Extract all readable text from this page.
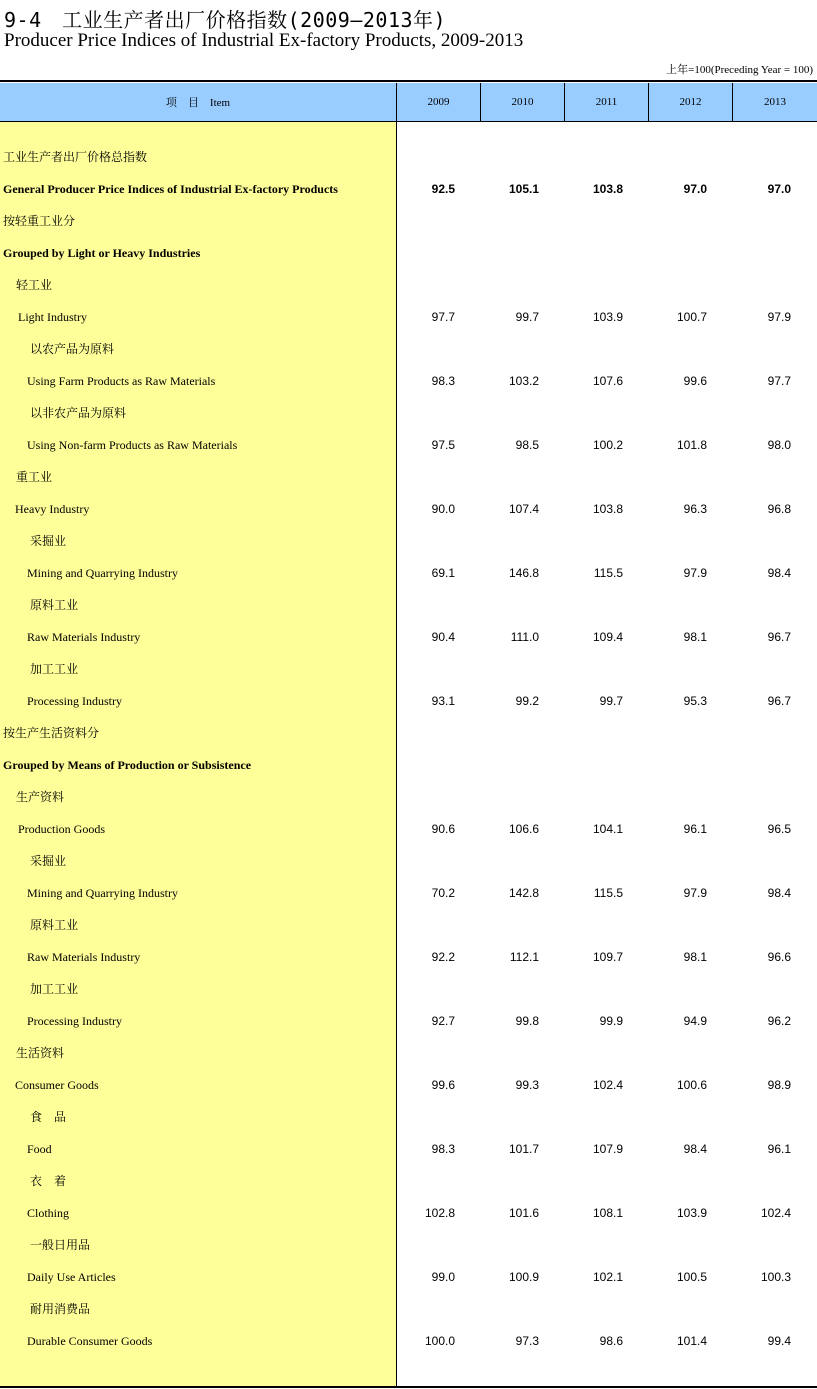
9-4　工业生产者出厂价格指数(2009—2013年)
Producer Price Indices of Industrial Ex-factory Products, 2009-2013
上年=100(Preceding Year = 100)
项　目　Item	2009	2010	2011	2012	2013
工业生产者出厂价格总指数
General Producer Price Indices of Industrial Ex-factory Products	92.5	105.1	103.8	97.0	97.0
按轻重工业分
Grouped by Light or Heavy Industries
轻工业
Light Industry	97.7	99.7	103.9	100.7	97.9
以农产品为原料
Using Farm Products as Raw Materials	98.3	103.2	107.6	99.6	97.7
以非农产品为原料
Using Non-farm Products as Raw Materials	97.5	98.5	100.2	101.8	98.0
重工业
Heavy Industry	90.0	107.4	103.8	96.3	96.8
采掘业
Mining and Quarrying Industry	69.1	146.8	115.5	97.9	98.4
原料工业
Raw Materials Industry	90.4	111.0	109.4	98.1	96.7
加工工业
Processing Industry	93.1	99.2	99.7	95.3	96.7
按生产生活资料分
Grouped by Means of Production or Subsistence
生产资料
Production Goods	90.6	106.6	104.1	96.1	96.5
采掘业
Mining and Quarrying Industry	70.2	142.8	115.5	97.9	98.4
原料工业
Raw Materials Industry	92.2	112.1	109.7	98.1	96.6
加工工业
Processing Industry	92.7	99.8	99.9	94.9	96.2
生活资料
Consumer Goods	99.6	99.3	102.4	100.6	98.9
食　品
Food	98.3	101.7	107.9	98.4	96.1
衣　着
Clothing	102.8	101.6	108.1	103.9	102.4
一般日用品
Daily Use Articles	99.0	100.9	102.1	100.5	100.3
耐用消费品
Durable Consumer Goods	100.0	97.3	98.6	101.4	99.4
